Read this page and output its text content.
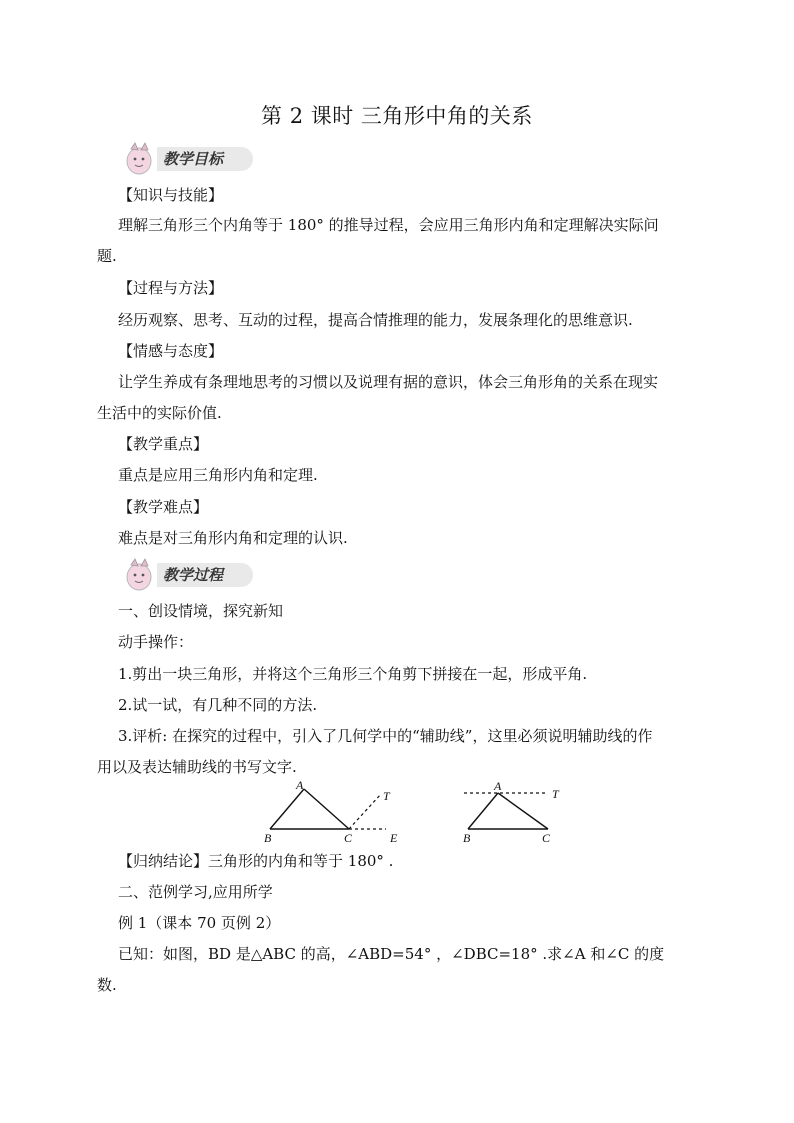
第 2 课时 三角形中角的关系
教学目标
【知识与技能】
理解三角形三个内角等于 180° 的推导过程，会应用三角形内角和定理解决实际问
题.
【过程与方法】
经历观察、思考、互动的过程，提高合情推理的能力，发展条理化的思维意识.
【情感与态度】
让学生养成有条理地思考的习惯以及说理有据的意识，体会三角形角的关系在现实
生活中的实际价值.
【教学重点】
重点是应用三角形内角和定理.
【教学难点】
难点是对三角形内角和定理的认识.
教学过程
一、创设情境，探究新知
动手操作：
1.剪出一块三角形，并将这个三角形三个角剪下拼接在一起，形成平角.
2.试一试，有几种不同的方法.
3.评析: 在探究的过程中，引入了几何学中的“辅助线”，这里必须说明辅助线的作
用以及表达辅助线的书写文字.
A
B	C	E
T
A
B	C
T
【归纳结论】三角形的内角和等于 180° .
二、范例学习,应用所学
例 1（课本 70 页例 2）
已知：如图，BD 是△ABC 的高，∠ABD=54° ，∠DBC=18° .求∠A 和∠C 的度
数.
